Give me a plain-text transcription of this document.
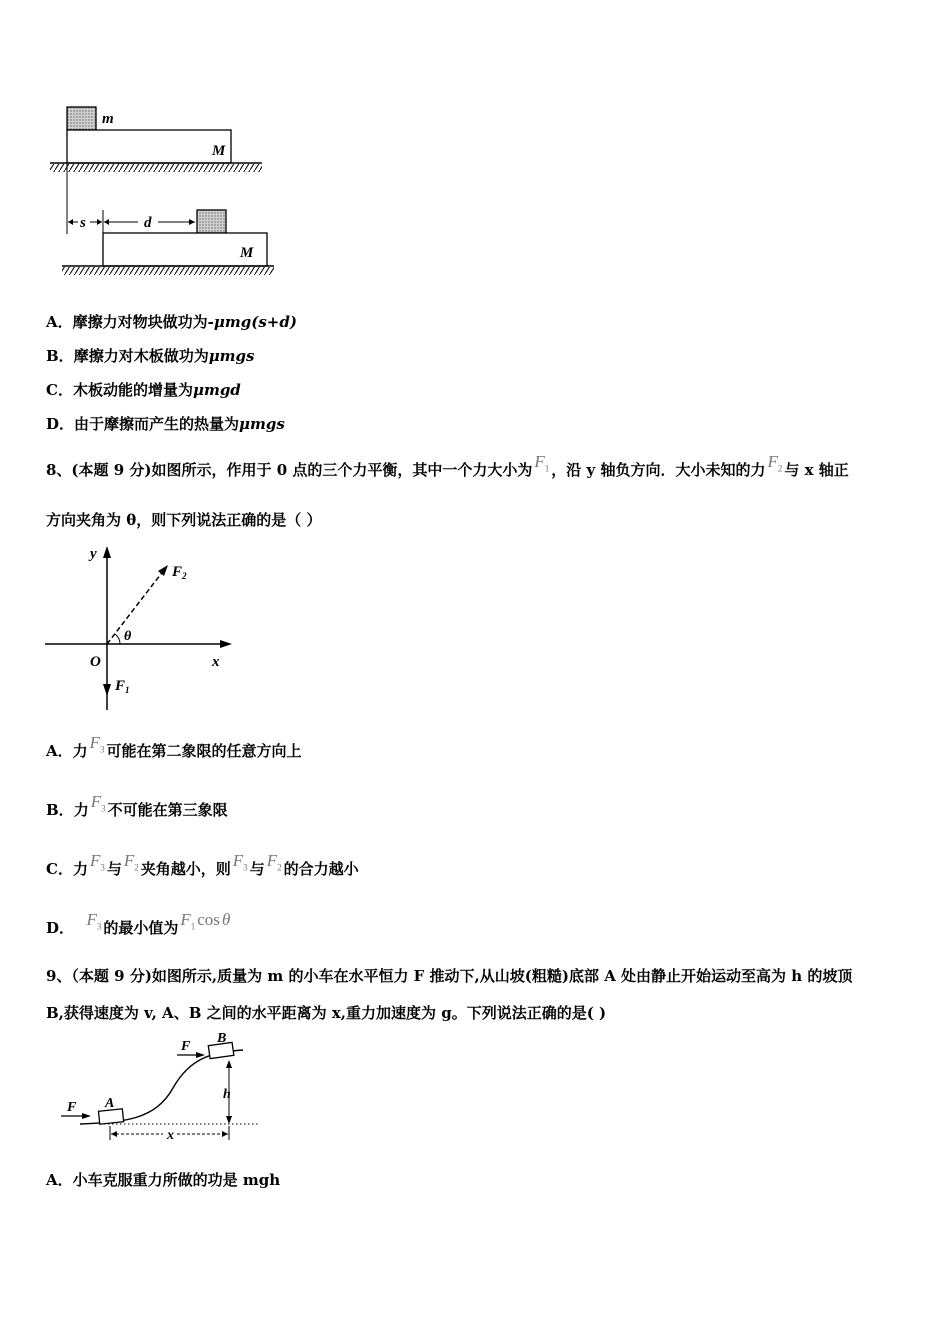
m
M
s	d
M
A．摩擦力对物块做功为-μmg(s+d)
B．摩擦力对木板做功为μmgs
C．木板动能的增量为μmgd
D．由于摩擦而产生的热量为μmgs
8、(本题 9 分)如图所示，作用于 0 点的三个力平衡，其中一个力大小为 $F_1$ ，沿 y 轴负方向．大小未知的力 $F_2$ 与 x 轴正
方向夹角为 θ，则下列说法正确的是（ ）
y
x
O
$F_2$
θ
$F_1$
A．力 $F_3$ 可能在第二象限的任意方向上
B．力 $F_3$ 不可能在第三象限
C．力 $F_3$ 与 $F_2$ 夹角越小，则 $F_3$ 与 $F_2$ 的合力越小
D． $F_3$ 的最小值为 $F_1$ cos θ
9、（本题 9 分)如图所示,质量为 m 的小车在水平恒力 F 推动下,从山坡(粗糙)底部 A 处由静止开始运动至高为 h 的坡顶
B,获得速度为 v, A、B 之间的水平距离为 x,重力加速度为 g。下列说法正确的是( )
B
F
A
F
h
x
A．小车克服重力所做的功是 mgh
